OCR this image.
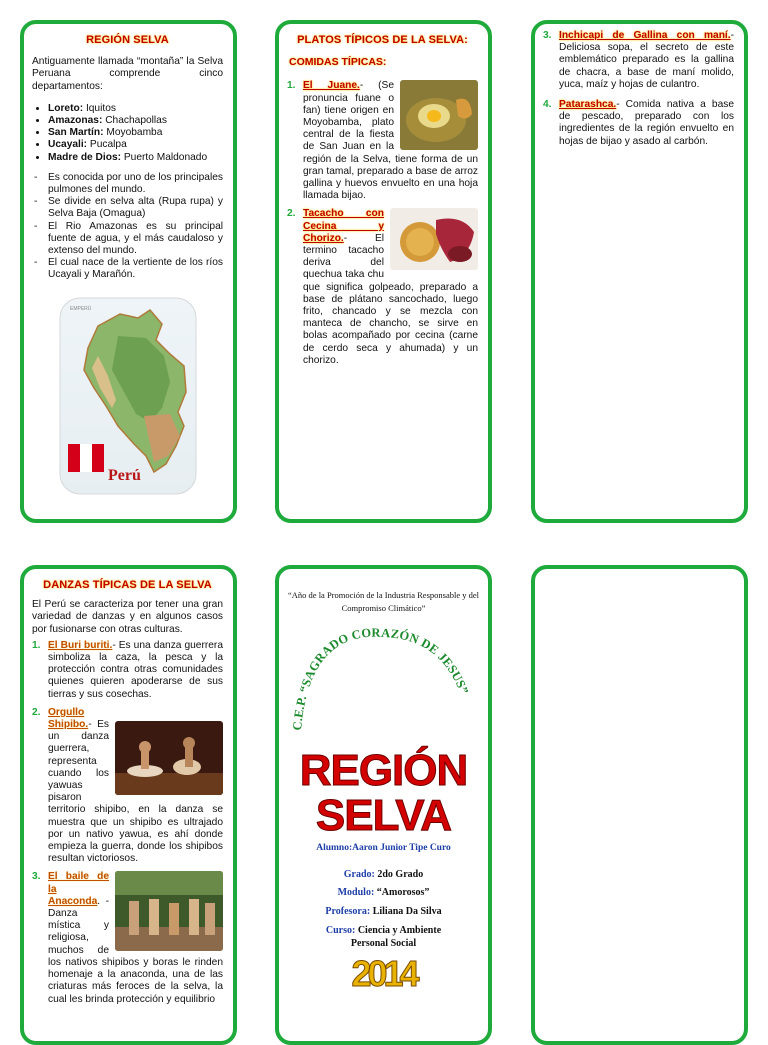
REGIÓN SELVA

Antiguamente llamada “montaña” la Selva Peruana comprende cinco departamentos:

• Loreto: Iquitos
• Amazonas: Chachapollas
• San Martín: Moyobamba
• Ucayali: Pucalpa
• Madre de Dios: Puerto Maldonado

- Es conocida por uno de los principales pulmones del mundo.

- Se divide en selva alta (Rupa rupa) y Selva Baja (Omagua)

- El Rio Amazonas es su principal fuente de agua, y el más caudaloso y extenso del mundo.

- El cual nace de la vertiente de los ríos Ucayali y Marañón.

EMPERÚ
Perú
PLATOS TÍPICOS DE LA SELVA:
COMIDAS TÍPICAS:
1. El Juane.- (Se pronuncia fuane o fan) tiene origen en Moyobamba, plato central de la fiesta de San Juan en la región de la Selva, tiene forma de un gran tamal, preparado a base de arroz gallina y huevos envuelto en una hoja llamada bijao.
2. Tacacho con Cecina y Chorizo.- El termino tacacho deriva del quechua taka chu que significa golpeado, preparado a base de plátano sancochado, luego frito, chancado y se mezcla con manteca de chancho, se sirve en bolas acompañado por cecina (carne de cerdo seca y ahumada) y un chorizo.
3. Inchicapi de Gallina con maní.- Deliciosa sopa, el secreto de este emblemático preparado es la gallina de chacra, a base de maní molido, yuca, maíz y hojas de culantro.
4. Patarashca.- Comida nativa a base de pescado, preparado con los ingredientes de la región envuelto en hojas de bijao y asado al carbón.
DANZAS TÍPICAS DE LA SELVA

El Perú se caracteriza por tener una gran variedad de danzas y en algunos casos por fusionarse con otras culturas.

1. El Buri buriti.- Es una danza guerrera simboliza la caza, la pesca y la protección contra otras comunidades quienes quieren apoderarse de sus tierras y sus cosechas.
2. Orgullo Shipibo.- Es un danza guerrera, representa cuando los yawuas pisaron territorio shipibo, en la danza se muestra que un shipibo es ultrajado por un nativo yawua, es ahí donde empieza la guerra, donde los shipibos resultan victoriosos.
3. El baile de la Anaconda. - Danza mística y religiosa, muchos de los nativos shipibos y boras le rinden homenaje a la anaconda, una de las criaturas más feroces de la selva, la cual les brinda protección y equilibrio
“Año de la Promoción de la Industria Responsable y del Compromiso Climático”
C.E.P. “SAGRADO CORAZÓN DE JESUS”
REGIÓN
SELVA
Alumno:Aaron Junior Tipe Curo
Grado: 2do Grado
Modulo: “Amorosos”
Profesora: Liliana Da Silva
Curso: Ciencia y Ambiente
Personal Social
2014
